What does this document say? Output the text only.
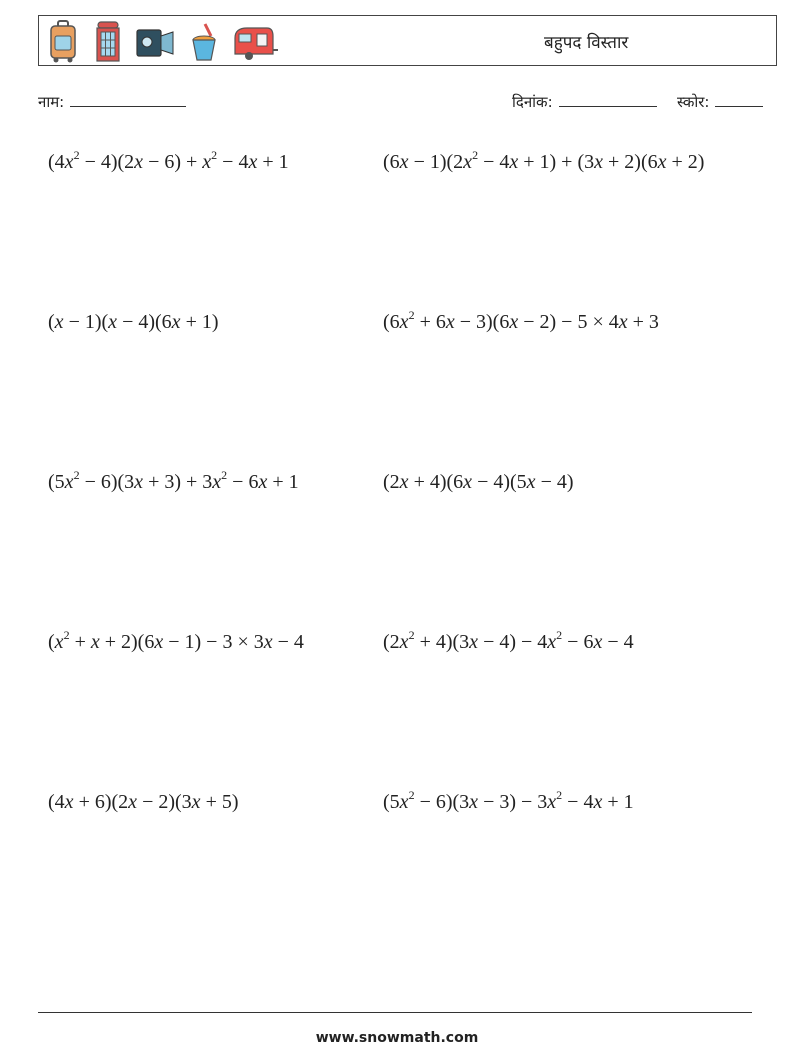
बहुपद विस्तार
नाम:	दिनांक:	स्कोर:
$(4x^2 - 4)(2x - 6) + x^2 - 4x + 1$	$(6x - 1)(2x^2 - 4x + 1) + (3x + 2)(6x + 2)$
(x − 1)(x − 4)(6x + 1)	$(6x^2 + 6x - 3)(6x - 2) - 5 \times 4x + 3$
$(5x^2 - 6)(3x + 3) + 3x^2 - 6x + 1$	(2x + 4)(6x − 4)(5x − 4)
$(x^2 + x + 2)(6x - 1) - 3 \times 3x - 4$	$(2x^2 + 4)(3x - 4) - 4x^2 - 6x - 4$
(4x + 6)(2x − 2)(3x + 5)	$(5x^2 - 6)(3x - 3) - 3x^2 - 4x + 1$
www.snowmath.com
